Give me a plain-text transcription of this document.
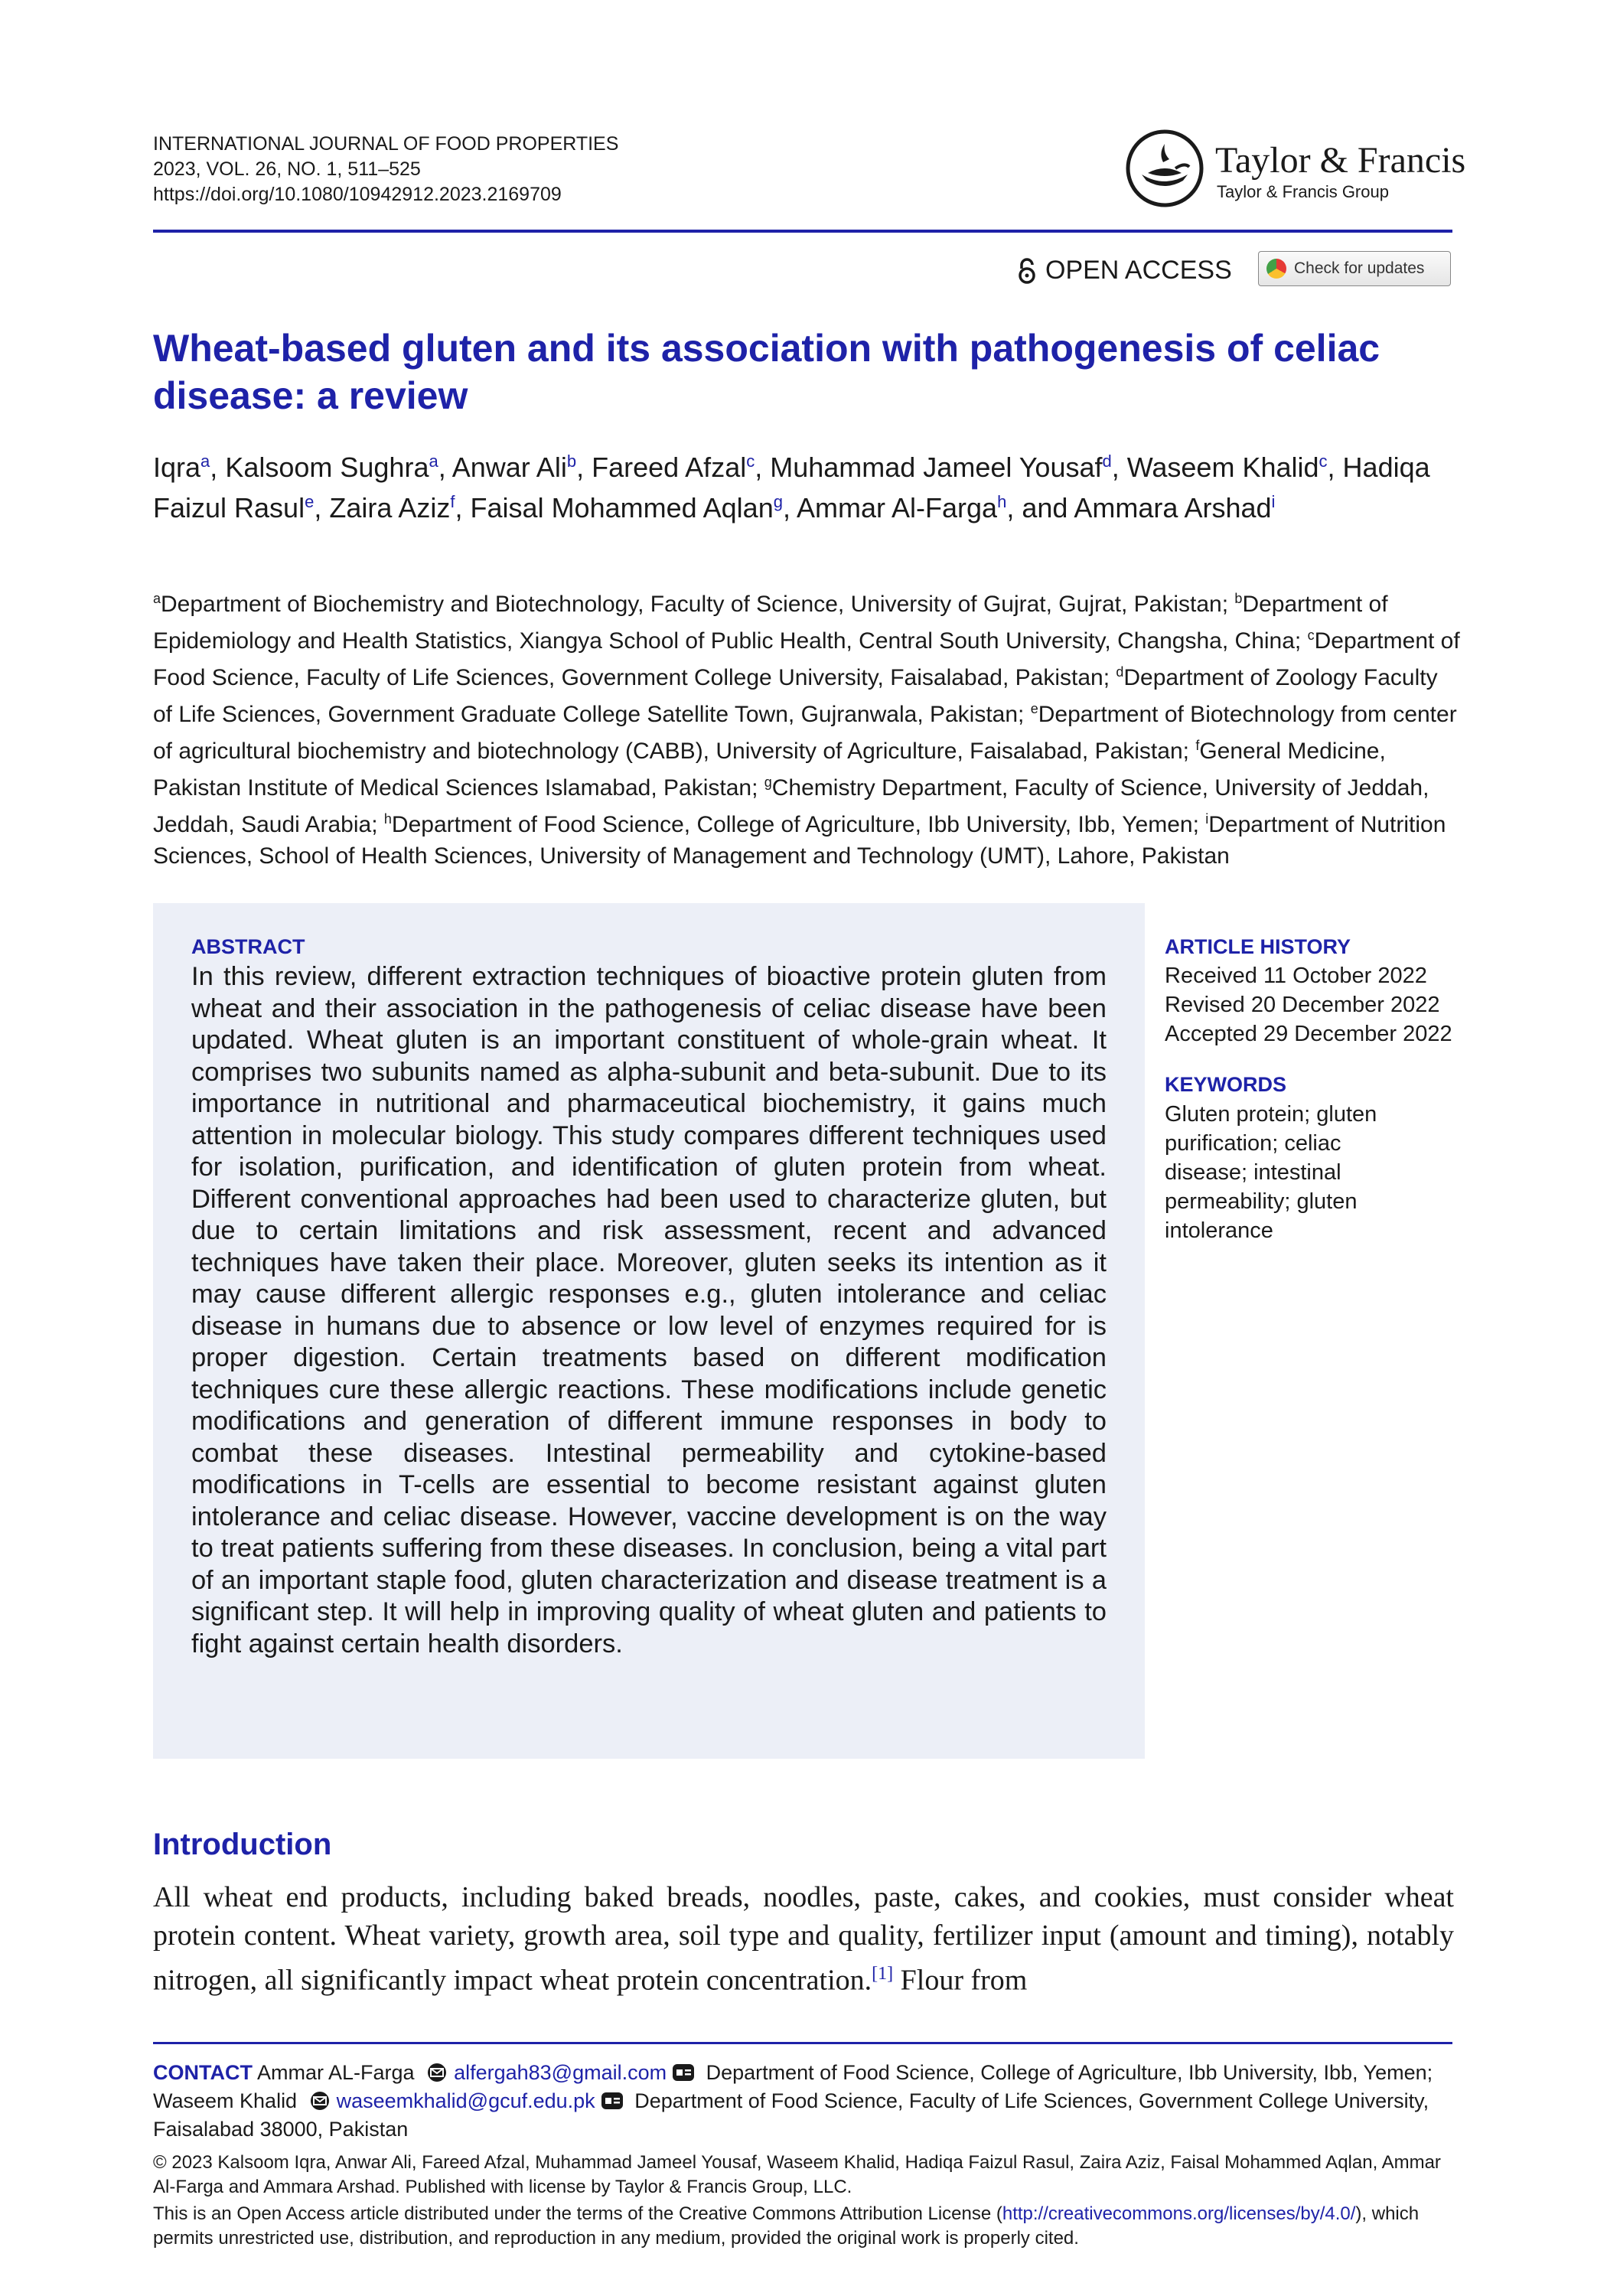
INTERNATIONAL JOURNAL OF FOOD PROPERTIES
2023, VOL. 26, NO. 1, 511–525
https://doi.org/10.1080/10942912.2023.2169709
Taylor & Francis
Taylor & Francis Group
OPEN ACCESS	Check for updates
Wheat-based gluten and its association with pathogenesis of celiac disease: a review
Iqra$^a$, Kalsoom Sughra$^a$, Anwar Ali$^b$, Fareed Afzal$^c$, Muhammad Jameel Yousaf$^d$, Waseem Khalid$^c$, Hadiqa Faizul Rasul$^e$, Zaira Aziz$^f$, Faisal Mohammed Aqlan$^g$, Ammar Al-Farga$^h$, and Ammara Arshad$^i$
$^a$Department of Biochemistry and Biotechnology, Faculty of Science, University of Gujrat, Gujrat, Pakistan; $^b$Department of Epidemiology and Health Statistics, Xiangya School of Public Health, Central South University, Changsha, China; $^c$Department of Food Science, Faculty of Life Sciences, Government College University, Faisalabad, Pakistan; $^d$Department of Zoology Faculty of Life Sciences, Government Graduate College Satellite Town, Gujranwala, Pakistan; $^e$Department of Biotechnology from center of agricultural biochemistry and biotechnology (CABB), University of Agriculture, Faisalabad, Pakistan; $^f$General Medicine, Pakistan Institute of Medical Sciences Islamabad, Pakistan; $^g$Chemistry Department, Faculty of Science, University of Jeddah, Jeddah, Saudi Arabia; $^h$Department of Food Science, College of Agriculture, Ibb University, Ibb, Yemen; $^i$Department of Nutrition Sciences, School of Health Sciences, University of Management and Technology (UMT), Lahore, Pakistan
ABSTRACT
In this review, different extraction techniques of bioactive protein gluten from wheat and their association in the pathogenesis of celiac disease have been updated. Wheat gluten is an important constituent of whole-grain wheat. It comprises two subunits named as alpha-subunit and beta-subunit. Due to its importance in nutritional and pharmaceutical biochemistry, it gains much attention in molecular biology. This study compares different techniques used for isolation, purification, and identification of gluten protein from wheat. Different conventional approaches had been used to characterize gluten, but due to certain limitations and risk assessment, recent and advanced techniques have taken their place. Moreover, gluten seeks its intention as it may cause different allergic responses e.g., gluten intolerance and celiac disease in humans due to absence or low level of enzymes required for is proper digestion. Certain treatments based on different modification techniques cure these allergic reactions. These modifications include genetic modifications and generation of different immune responses in body to combat these diseases. Intestinal permeability and cytokine-based modifications in T-cells are essential to become resistant against gluten intolerance and celiac disease. However, vaccine development is on the way to treat patients suffering from these diseases. In conclusion, being a vital part of an important staple food, gluten characterization and disease treatment is a significant step. It will help in improving quality of wheat gluten and patients to fight against certain health disorders.
ARTICLE HISTORY
Received 11 October 2022
Revised 20 December 2022
Accepted 29 December 2022
KEYWORDS
Gluten protein; gluten purification; celiac disease; intestinal permeability; gluten intolerance
Introduction
All wheat end products, including baked breads, noodles, paste, cakes, and cookies, must consider wheat protein content. Wheat variety, growth area, soil type and quality, fertilizer input (amount and timing), notably nitrogen, all significantly impact wheat protein concentration.[1] Flour from
CONTACT Ammar AL-Farga alfergah83@gmail.com Department of Food Science, College of Agriculture, Ibb University, Ibb, Yemen; Waseem Khalid waseemkhalid@gcuf.edu.pk Department of Food Science, Faculty of Life Sciences, Government College University, Faisalabad 38000, Pakistan
© 2023 Kalsoom Iqra, Anwar Ali, Fareed Afzal, Muhammad Jameel Yousaf, Waseem Khalid, Hadiqa Faizul Rasul, Zaira Aziz, Faisal Mohammed Aqlan, Ammar Al-Farga and Ammara Arshad. Published with license by Taylor & Francis Group, LLC.
This is an Open Access article distributed under the terms of the Creative Commons Attribution License (http://creativecommons.org/licenses/by/4.0/), which permits unrestricted use, distribution, and reproduction in any medium, provided the original work is properly cited.
